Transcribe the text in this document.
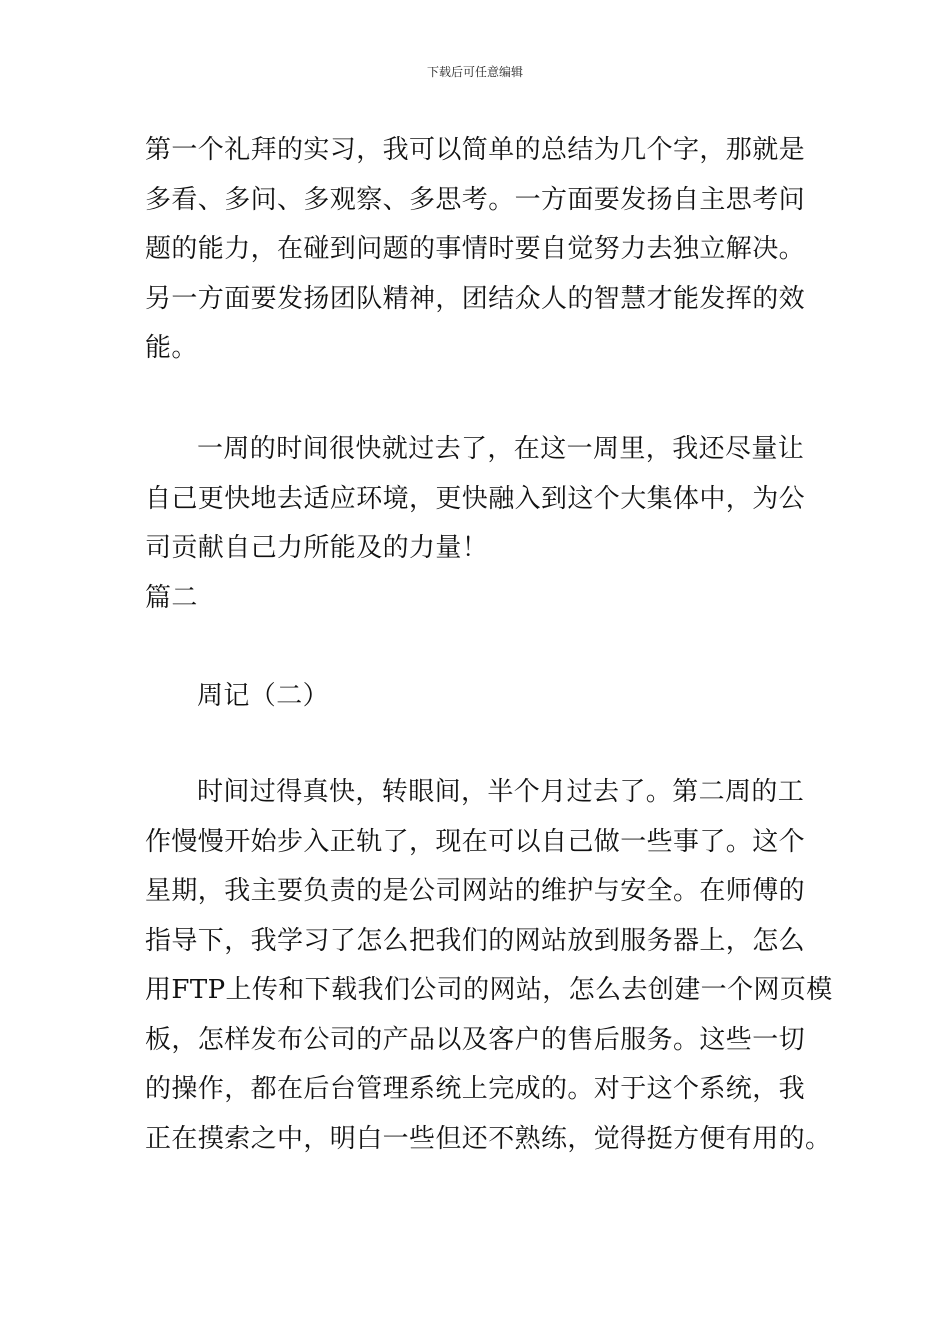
下载后可任意编辑
第一个礼拜的实习，我可以简单的总结为几个字，那就是
多看、多问、多观察、多思考。一方面要发扬自主思考问
题的能力，在碰到问题的事情时要自觉努力去独立解决。
另一方面要发扬团队精神，团结众人的智慧才能发挥的效
能。
一周的时间很快就过去了，在这一周里，我还尽量让
自己更快地去适应环境，更快融入到这个大集体中，为公
司贡献自己力所能及的力量！
篇二
周记（二）
时间过得真快，转眼间，半个月过去了。第二周的工
作慢慢开始步入正轨了，现在可以自己做一些事了。这个
星期，我主要负责的是公司网站的维护与安全。在师傅的
指导下，我学习了怎么把我们的网站放到服务器上，怎么
用FTP上传和下载我们公司的网站，怎么去创建一个网页模
板，怎样发布公司的产品以及客户的售后服务。这些一切
的操作，都在后台管理系统上完成的。对于这个系统，我
正在摸索之中，明白一些但还不熟练，觉得挺方便有用的。
